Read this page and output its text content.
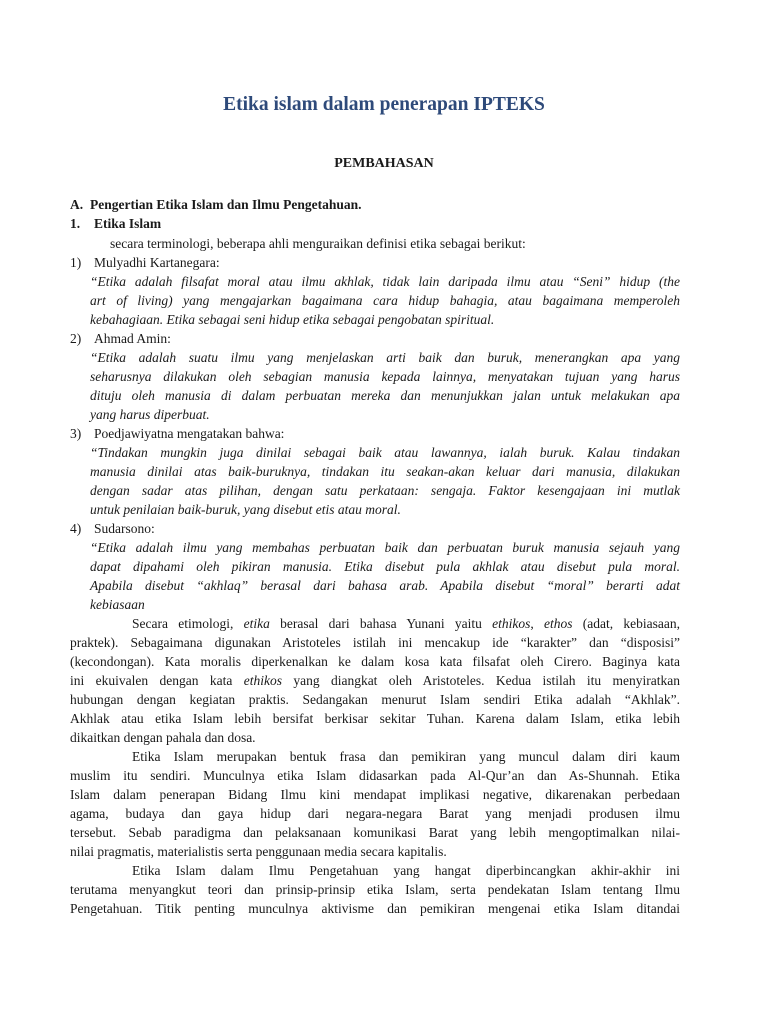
Etika islam dalam penerapan IPTEKS
PEMBAHASAN
A. Pengertian Etika Islam dan Ilmu Pengetahuan.
1. Etika Islam
secara terminologi, beberapa ahli menguraikan definisi etika sebagai berikut:
1) Mulyadhi Kartanegara:
“Etika adalah filsafat moral atau ilmu akhlak, tidak lain daripada ilmu atau “Seni” hidup (the
art of living) yang mengajarkan bagaimana cara hidup bahagia, atau bagaimana memperoleh
kebahagiaan. Etika sebagai seni hidup etika sebagai pengobatan spiritual.
2) Ahmad Amin:
“Etika adalah suatu ilmu yang menjelaskan arti baik dan buruk, menerangkan apa yang
seharusnya dilakukan oleh sebagian manusia kepada lainnya, menyatakan tujuan yang harus
dituju oleh manusia di dalam perbuatan mereka dan menunjukkan jalan untuk melakukan apa
yang harus diperbuat.
3) Poedjawiyatna mengatakan bahwa:
“Tindakan mungkin juga dinilai sebagai baik atau lawannya, ialah buruk. Kalau tindakan
manusia dinilai atas baik-buruknya, tindakan itu seakan-akan keluar dari manusia, dilakukan
dengan sadar atas pilihan, dengan satu perkataan: sengaja. Faktor kesengajaan ini mutlak
untuk penilaian baik-buruk, yang disebut etis atau moral.
4) Sudarsono:
“Etika adalah ilmu yang membahas perbuatan baik dan perbuatan buruk manusia sejauh yang
dapat dipahami oleh pikiran manusia. Etika disebut pula akhlak atau disebut pula moral.
Apabila disebut “akhlaq” berasal dari bahasa arab. Apabila disebut “moral” berarti adat
kebiasaan
Secara etimologi, etika berasal dari bahasa Yunani yaitu ethikos, ethos (adat, kebiasaan,
praktek). Sebagaimana digunakan Aristoteles istilah ini mencakup ide “karakter” dan “disposisi”
(kecondongan). Kata moralis diperkenalkan ke dalam kosa kata filsafat oleh Cirero. Baginya kata
ini ekuivalen dengan kata ethikos yang diangkat oleh Aristoteles. Kedua istilah itu menyiratkan
hubungan dengan kegiatan praktis. Sedangakan menurut Islam sendiri Etika adalah “Akhlak”.
Akhlak atau etika Islam lebih bersifat berkisar sekitar Tuhan. Karena dalam Islam, etika lebih
dikaitkan dengan pahala dan dosa.
Etika Islam merupakan bentuk frasa dan pemikiran yang muncul dalam diri kaum
muslim itu sendiri. Munculnya etika Islam didasarkan pada Al-Qur’an dan As-Shunnah. Etika
Islam dalam penerapan Bidang Ilmu kini mendapat implikasi negative, dikarenakan perbedaan
agama, budaya dan gaya hidup dari negara-negara Barat yang menjadi produsen ilmu
tersebut. Sebab paradigma dan pelaksanaan komunikasi Barat yang lebih mengoptimalkan nilai-
nilai pragmatis, materialistis serta penggunaan media secara kapitalis.
Etika Islam dalam Ilmu Pengetahuan yang hangat diperbincangkan akhir-akhir ini
terutama menyangkut teori dan prinsip-prinsip etika Islam, serta pendekatan Islam tentang Ilmu
Pengetahuan. Titik penting munculnya aktivisme dan pemikiran mengenai etika Islam ditandai
